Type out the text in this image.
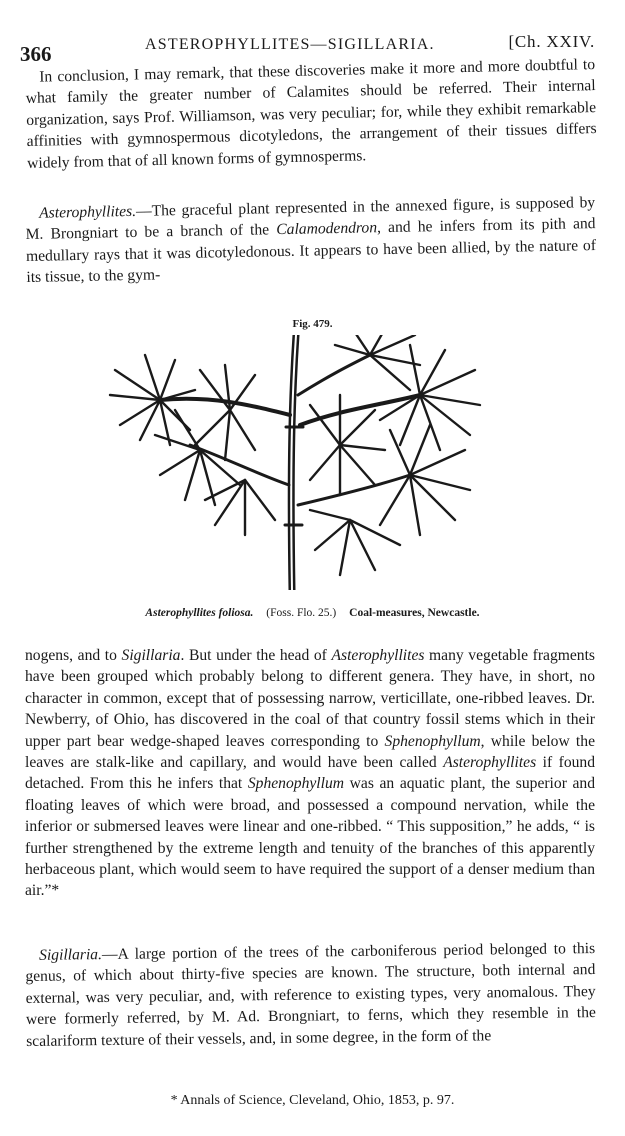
366	ASTEROPHYLLITES—SIGILLARIA.	[Ch. XXIV.

In conclusion, I may remark, that these discoveries make it more and more doubtful to what family the greater number of Calamites should be referred. Their internal organization, says Prof. Williamson, was very peculiar; for, while they exhibit remarkable affinities with gymnospermous dicotyledons, the arrangement of their tissues differs widely from that of all known forms of gymnosperms.

Asterophyllites.—The graceful plant represented in the annexed figure, is supposed by M. Brongniart to be a branch of the Calamodendron, and he infers from its pith and medullary rays that it was dicotyledonous. It appears to have been allied, by the nature of its tissue, to the gym-

Fig. 479.
Asterophyllites foliosa. (Foss. Flo. 25.) Coal-measures, Newcastle.

nogens, and to Sigillaria. But under the head of Asterophyllites many vegetable fragments have been grouped which probably belong to different genera. They have, in short, no character in common, except that of possessing narrow, verticillate, one-ribbed leaves. Dr. Newberry, of Ohio, has discovered in the coal of that country fossil stems which in their upper part bear wedge-shaped leaves corresponding to Sphenophyllum, while below the leaves are stalk-like and capillary, and would have been called Asterophyllites if found detached. From this he infers that Sphenophyllum was an aquatic plant, the superior and floating leaves of which were broad, and possessed a compound nervation, while the inferior or submersed leaves were linear and one-ribbed. “ This supposition,” he adds, “ is further strengthened by the extreme length and tenuity of the branches of this apparently herbaceous plant, which would seem to have required the support of a denser medium than air.”*

Sigillaria.—A large portion of the trees of the carboniferous period belonged to this genus, of which about thirty-five species are known. The structure, both internal and external, was very peculiar, and, with reference to existing types, very anomalous. They were formerly referred, by M. Ad. Brongniart, to ferns, which they resemble in the scalariform texture of their vessels, and, in some degree, in the form of the

* Annals of Science, Cleveland, Ohio, 1853, p. 97.
